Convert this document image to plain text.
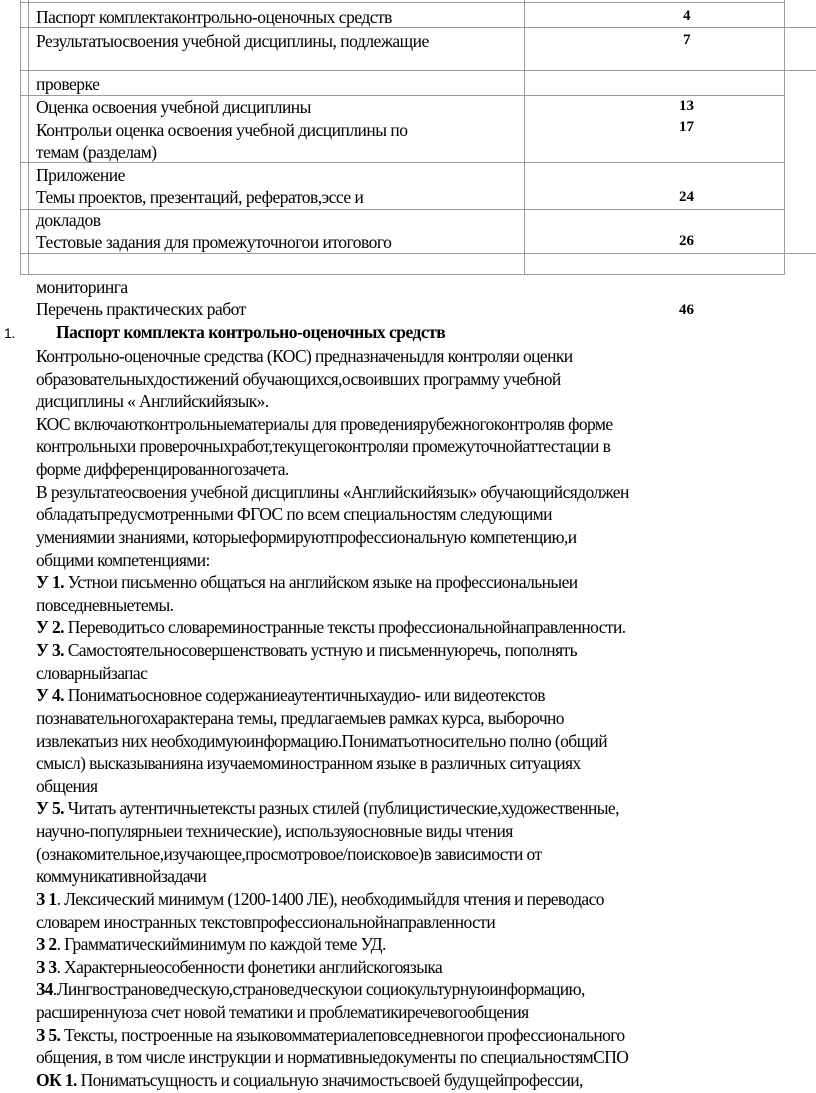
Паспорт комплектаконтрольно-оценочных средств	4
Результатыосвоения учебной дисциплины, подлежащие	7
проверке
Оценка освоения учебной дисциплины	13
Контрольи оценка освоения учебной дисциплины по	17
темам (разделам)
Приложение
Темы проектов, презентаций, рефератов,эссе и	24
докладов
Тестовые задания для промежуточногои итогового	26
мониторинга
Перечень практических работ	46
1. Паспорт комплекта контрольно-оценочных средств
Контрольно-оценочные средства (КОС) предназначеныдля контроляи оценки
образовательныхдостижений обучающихся,освоивших программу учебной
дисциплины « Английскийязык».
КОС включаютконтрольныематериалы для проведениярубежногоконтроляв форме
контрольныхи проверочныхработ,текущегоконтроляи промежуточнойаттестации в
форме дифференцированногозачета.
В результатеосвоения учебной дисциплины «Английскийязык» обучающийсядолжен
обладатьпредусмотренными ФГОС по всем специальностям следующими
умениямии знаниями, которыеформируютпрофессиональную компетенцию,и
общими компетенциями:
У 1. Устнои письменно общаться на английском языке на профессиональныеи
повседневныетемы.
У 2. Переводитьсо словареминостранные тексты профессиональнойнаправленности.
У 3. Самостоятельносовершенствовать устную и письменнуюречь, пополнять
словарныйзапас
У 4. Пониматьосновное содержаниеаутентичныхаудио- или видеотекстов
познавательногохарактерана темы, предлагаемыев рамках курса, выборочно
извлекатьиз них необходимуюинформацию.Пониматьотносительно полно (общий
смысл) высказыванияна изучаемоминостранном языке в различных ситуациях
общения
У 5. Читать аутентичныетексты разных стилей (публицистические,художественные,
научно-популярныеи технические), используяосновные виды чтения
(ознакомительное,изучающее,просмотровое/поисковое)в зависимости от
коммуникативнойзадачи
З 1. Лексический минимум (1200-1400 ЛЕ), необходимыйдля чтения и переводасо
словарем иностранных текстовпрофессиональнойнаправленности
З 2. Грамматическийминимум по каждой теме УД.
З 3. Характерныеособенности фонетики английскогоязыка
З4.Лингвострановедческую,страноведческуюи социокультурнуюинформацию,
расширеннуюза счет новой тематики и проблематикиречевогообщения
З 5. Тексты, построенные на языковомматериалеповседневногои профессионального
общения, в том числе инструкции и нормативныедокументы по специальностямСПО
ОК 1. Пониматьсущность и социальную значимостьсвоей будущейпрофессии,
